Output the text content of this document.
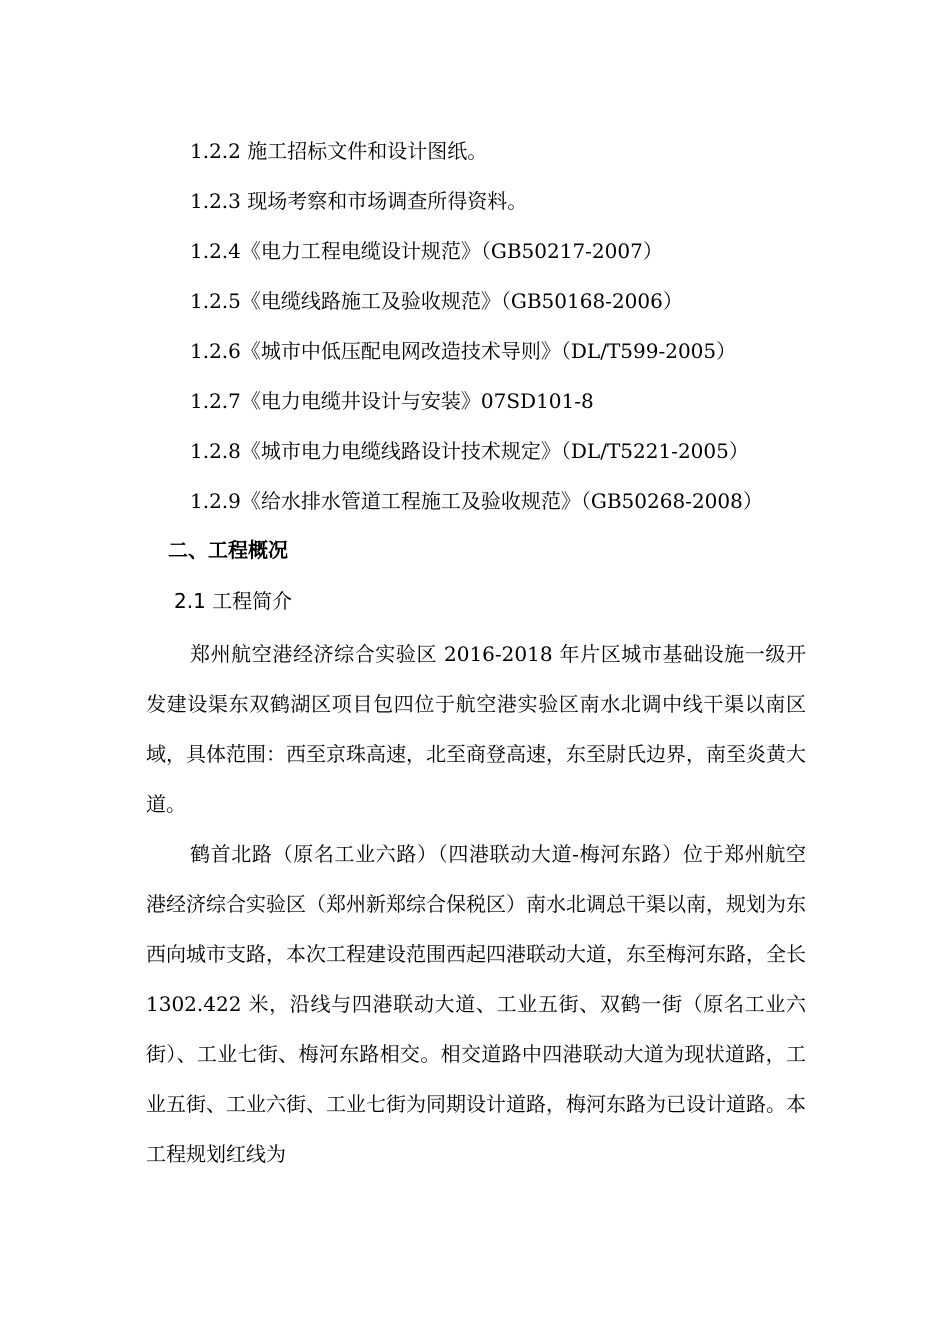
1.2.2 施工招标文件和设计图纸。
1.2.3 现场考察和市场调查所得资料。
1.2.4《电力工程电缆设计规范》（GB50217-2007）
1.2.5《电缆线路施工及验收规范》（GB50168-2006）
1.2.6《城市中低压配电网改造技术导则》（DL/T599-2005）
1.2.7《电力电缆井设计与安装》07SD101-8
1.2.8《城市电力电缆线路设计技术规定》（DL/T5221-2005）
1.2.9《给水排水管道工程施工及验收规范》（GB50268-2008）
二、工程概况
2.1 工程简介

郑州航空港经济综合实验区 2016-2018 年片区城市基础设施一级开发建设渠东双鹤湖区项目包四位于航空港实验区南水北调中线干渠以南区域，具体范围：西至京珠高速，北至商登高速，东至尉氏边界，南至炎黄大道。

鹤首北路（原名工业六路）（四港联动大道-梅河东路）位于郑州航空港经济综合实验区（郑州新郑综合保税区）南水北调总干渠以南，规划为东西向城市支路，本次工程建设范围西起四港联动大道，东至梅河东路，全长 1302.422 米，沿线与四港联动大道、工业五街、双鹤一街（原名工业六街）、工业七街、梅河东路相交。相交道路中四港联动大道为现状道路，工业五街、工业六街、工业七街为同期设计道路，梅河东路为已设计道路。本工程规划红线为
